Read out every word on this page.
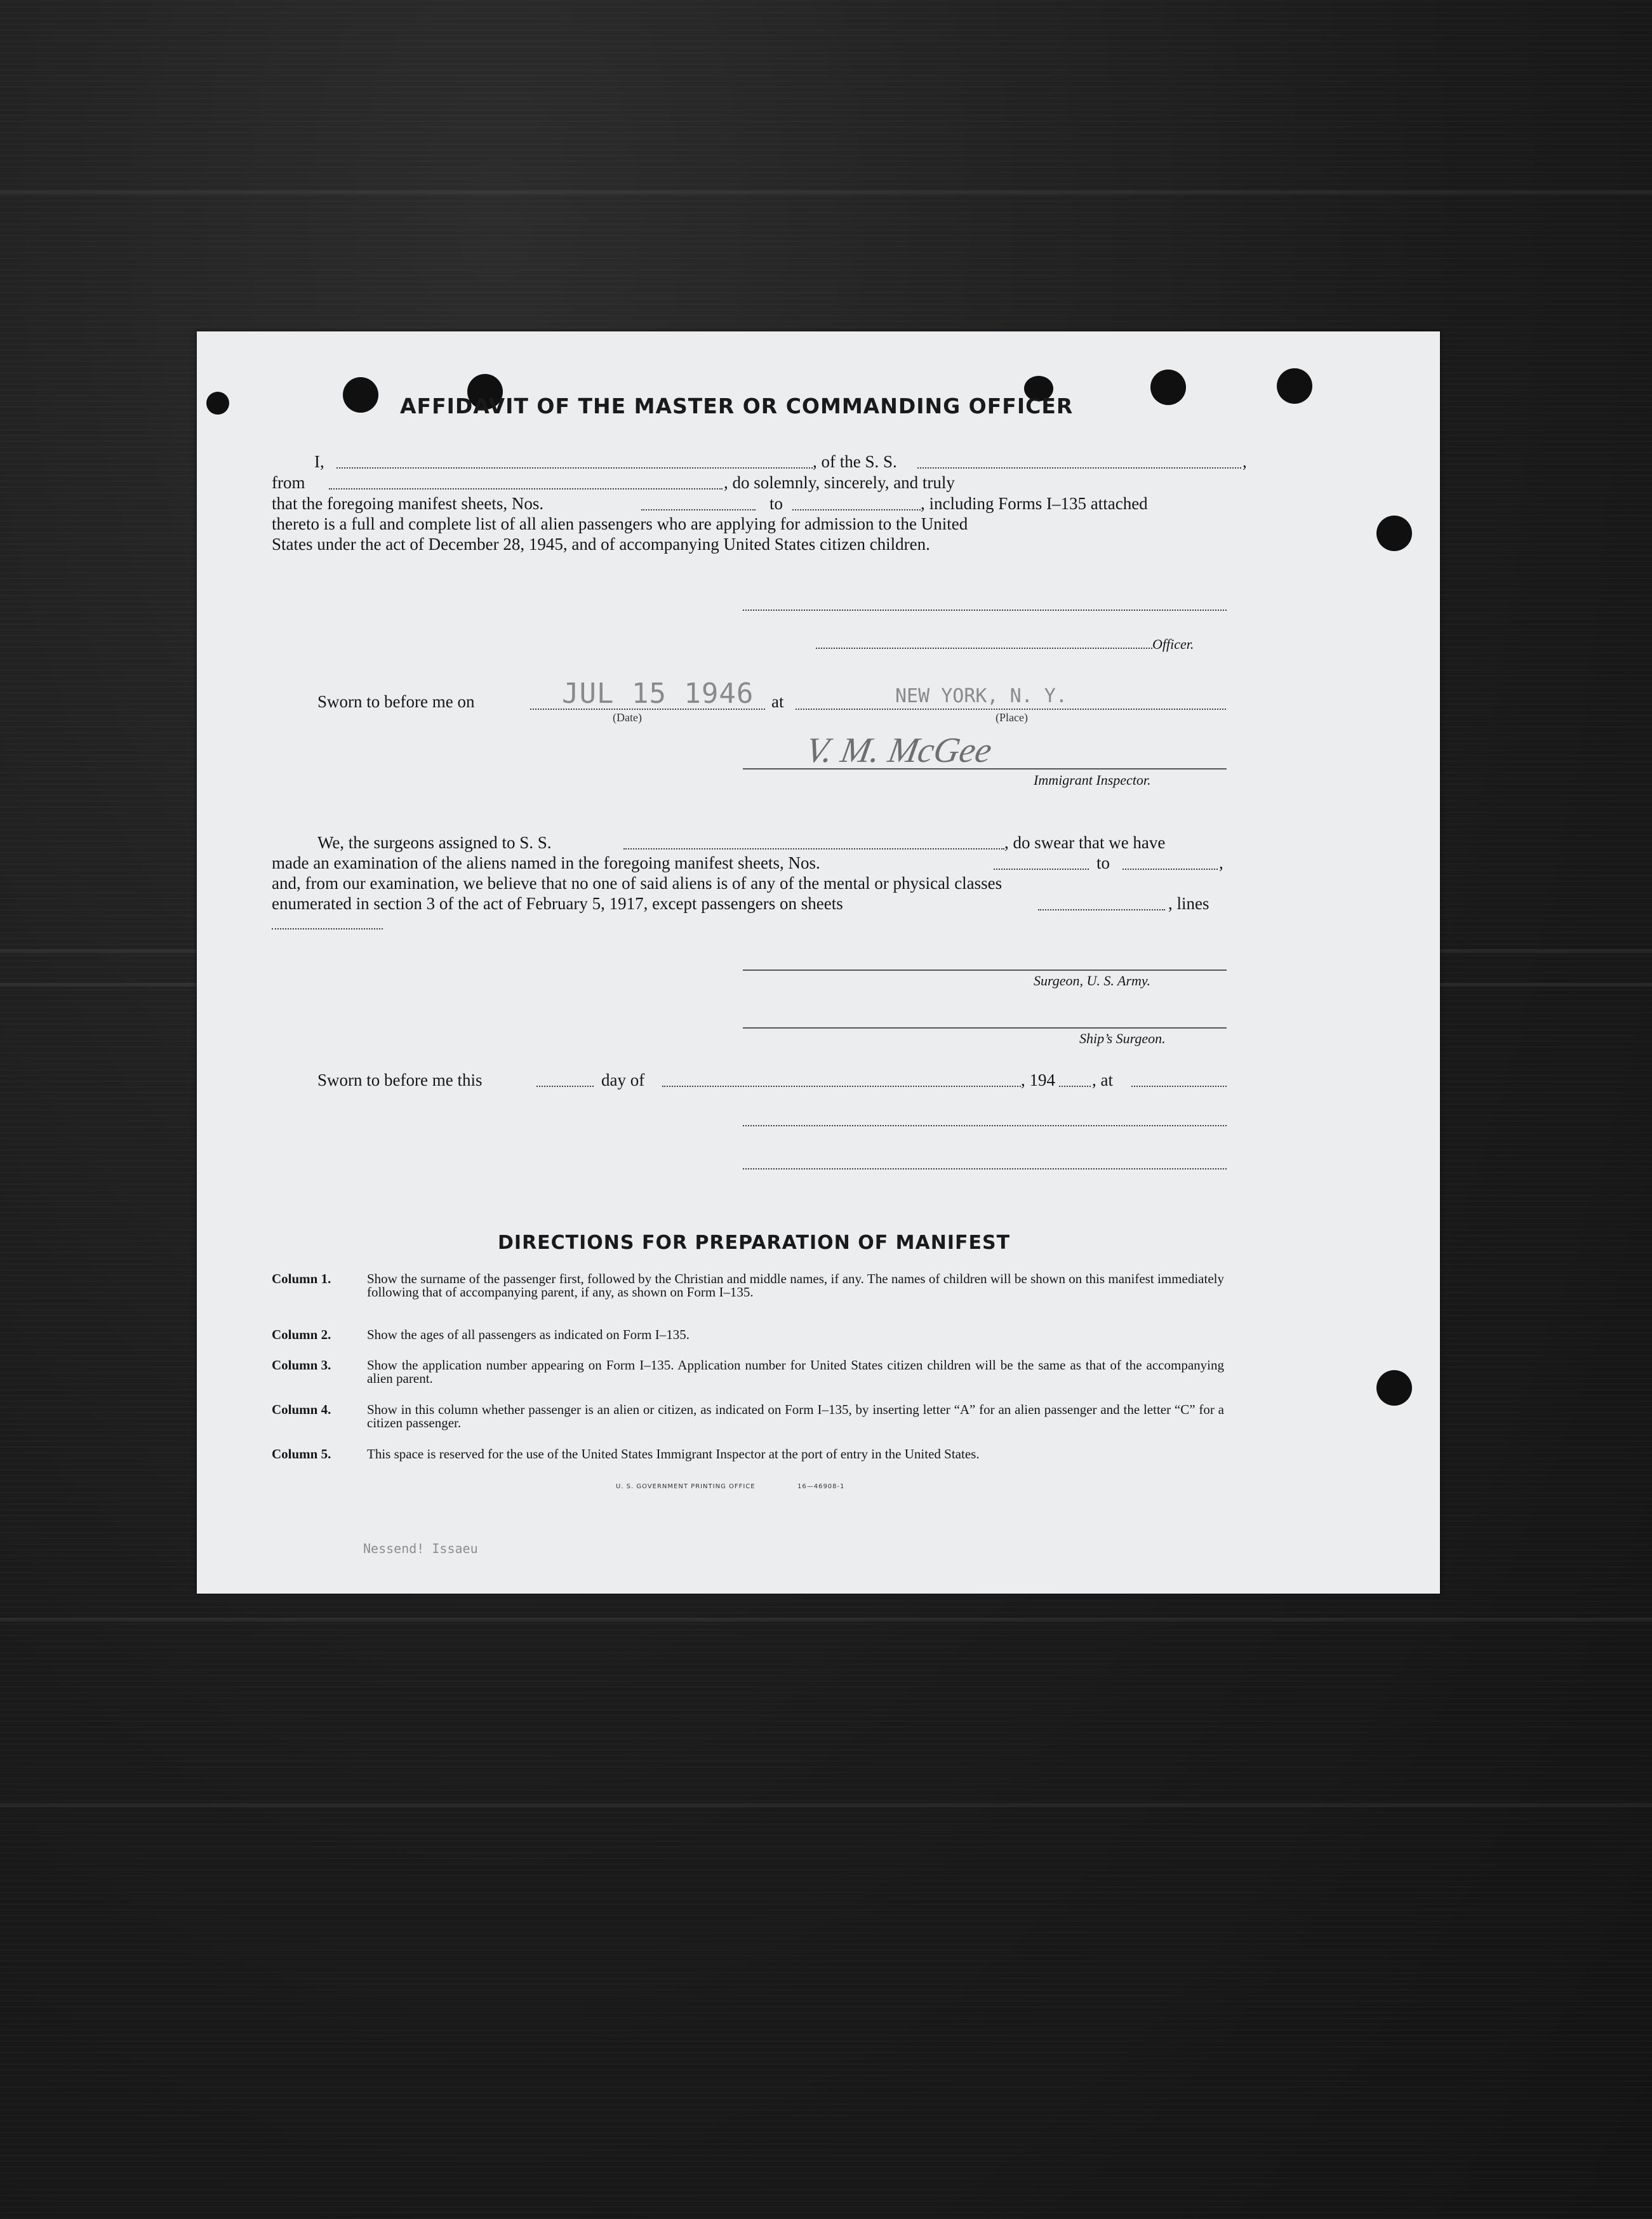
AFFIDAVIT OF THE MASTER OR COMMANDING OFFICER
I,	, of the S. S.	,
from	, do solemnly, sincerely, and truly
that the foregoing manifest sheets, Nos.	to	, including Forms I–135 attached
thereto is a full and complete list of all alien passengers who are applying for admission to the United
States under the act of December 28, 1945, and of accompanying United States citizen children.
Officer.
Sworn to before me on	JUL 15 1946
(Date)
at	NEW YORK, N. Y.
(Place)
V. M. McGee
Immigrant Inspector.
We, the surgeons assigned to S. S.	, do swear that we have
made an examination of the aliens named in the foregoing manifest sheets, Nos.	to	,
and, from our examination, we believe that no one of said aliens is of any of the mental or physical classes
enumerated in section 3 of the act of February 5, 1917, except passengers on sheets	, lines
Surgeon, U. S. Army.
Ship’s Surgeon.
Sworn to before me this	day of	, 194 , at
DIRECTIONS FOR PREPARATION OF MANIFEST
Column 1.	Show the surname of the passenger first, followed by the Christian and middle names, if any. The names of children will be shown on this manifest immediately following that of accompanying parent, if any, as shown on Form I–135.
Column 2.	Show the ages of all passengers as indicated on Form I–135.
Column 3.	Show the application number appearing on Form I–135. Application number for United States citizen children will be the same as that of the accompanying alien parent.
Column 4.	Show in this column whether passenger is an alien or citizen, as indicated on Form I–135, by inserting letter “A” for an alien passenger and the letter “C” for a citizen passenger.
Column 5.	This space is reserved for the use of the United States Immigrant Inspector at the port of entry in the United States.
U. S. GOVERNMENT PRINTING OFFICE	16—46908-1
Nessend! Issaeu
